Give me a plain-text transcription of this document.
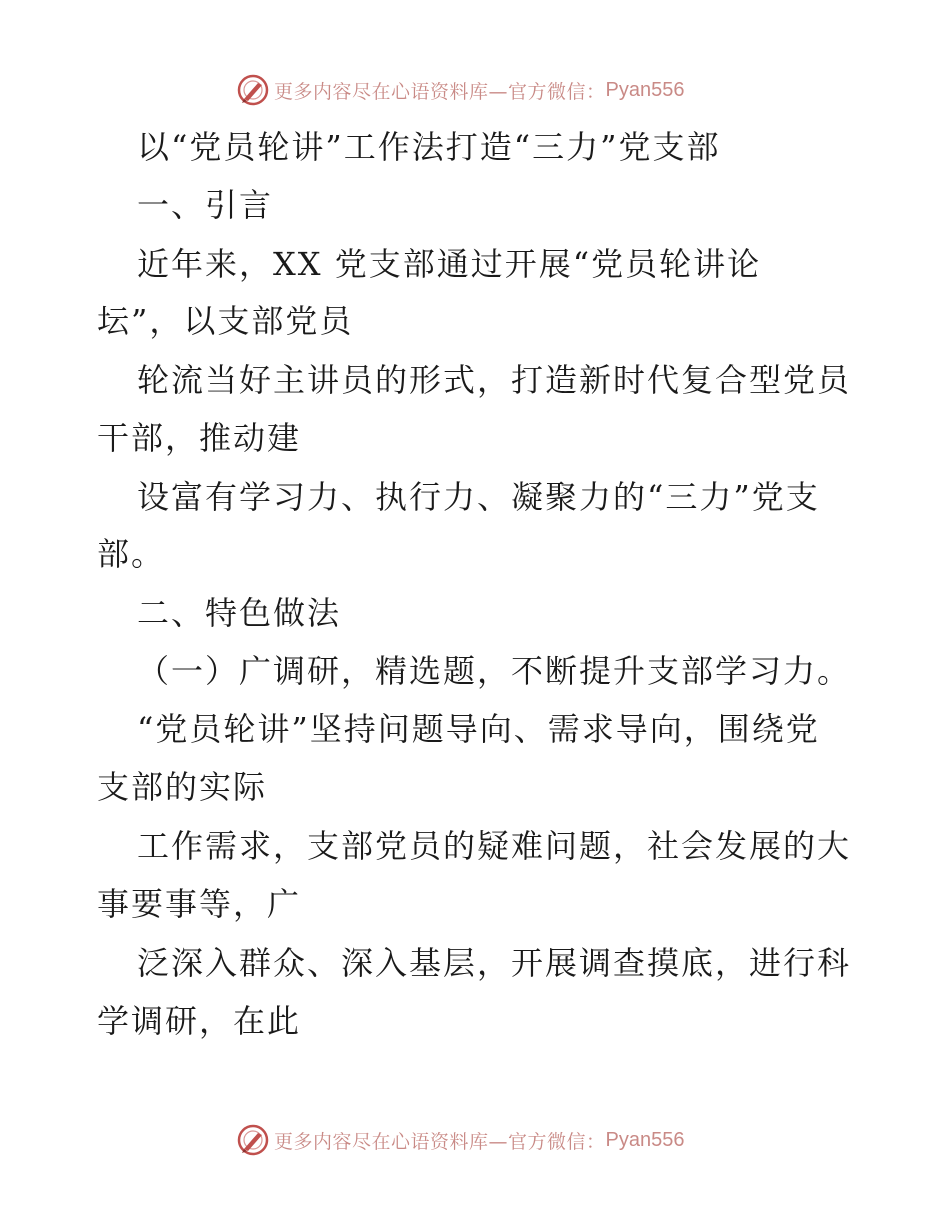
更多内容尽在心语资料库—官方微信： Pyan556
以“党员轮讲”工作法打造“三力”党支部
一、引言
近年来，XX 党支部通过开展“党员轮讲论
坛”，以支部党员
轮流当好主讲员的形式，打造新时代复合型党员
干部，推动建
设富有学习力、执行力、凝聚力的“三力”党支
部。
二、特色做法
（一）广调研，精选题，不断提升支部学习力。
“党员轮讲”坚持问题导向、需求导向，围绕党
支部的实际
工作需求，支部党员的疑难问题，社会发展的大
事要事等，广
泛深入群众、深入基层，开展调查摸底，进行科
学调研，在此
更多内容尽在心语资料库—官方微信： Pyan556
